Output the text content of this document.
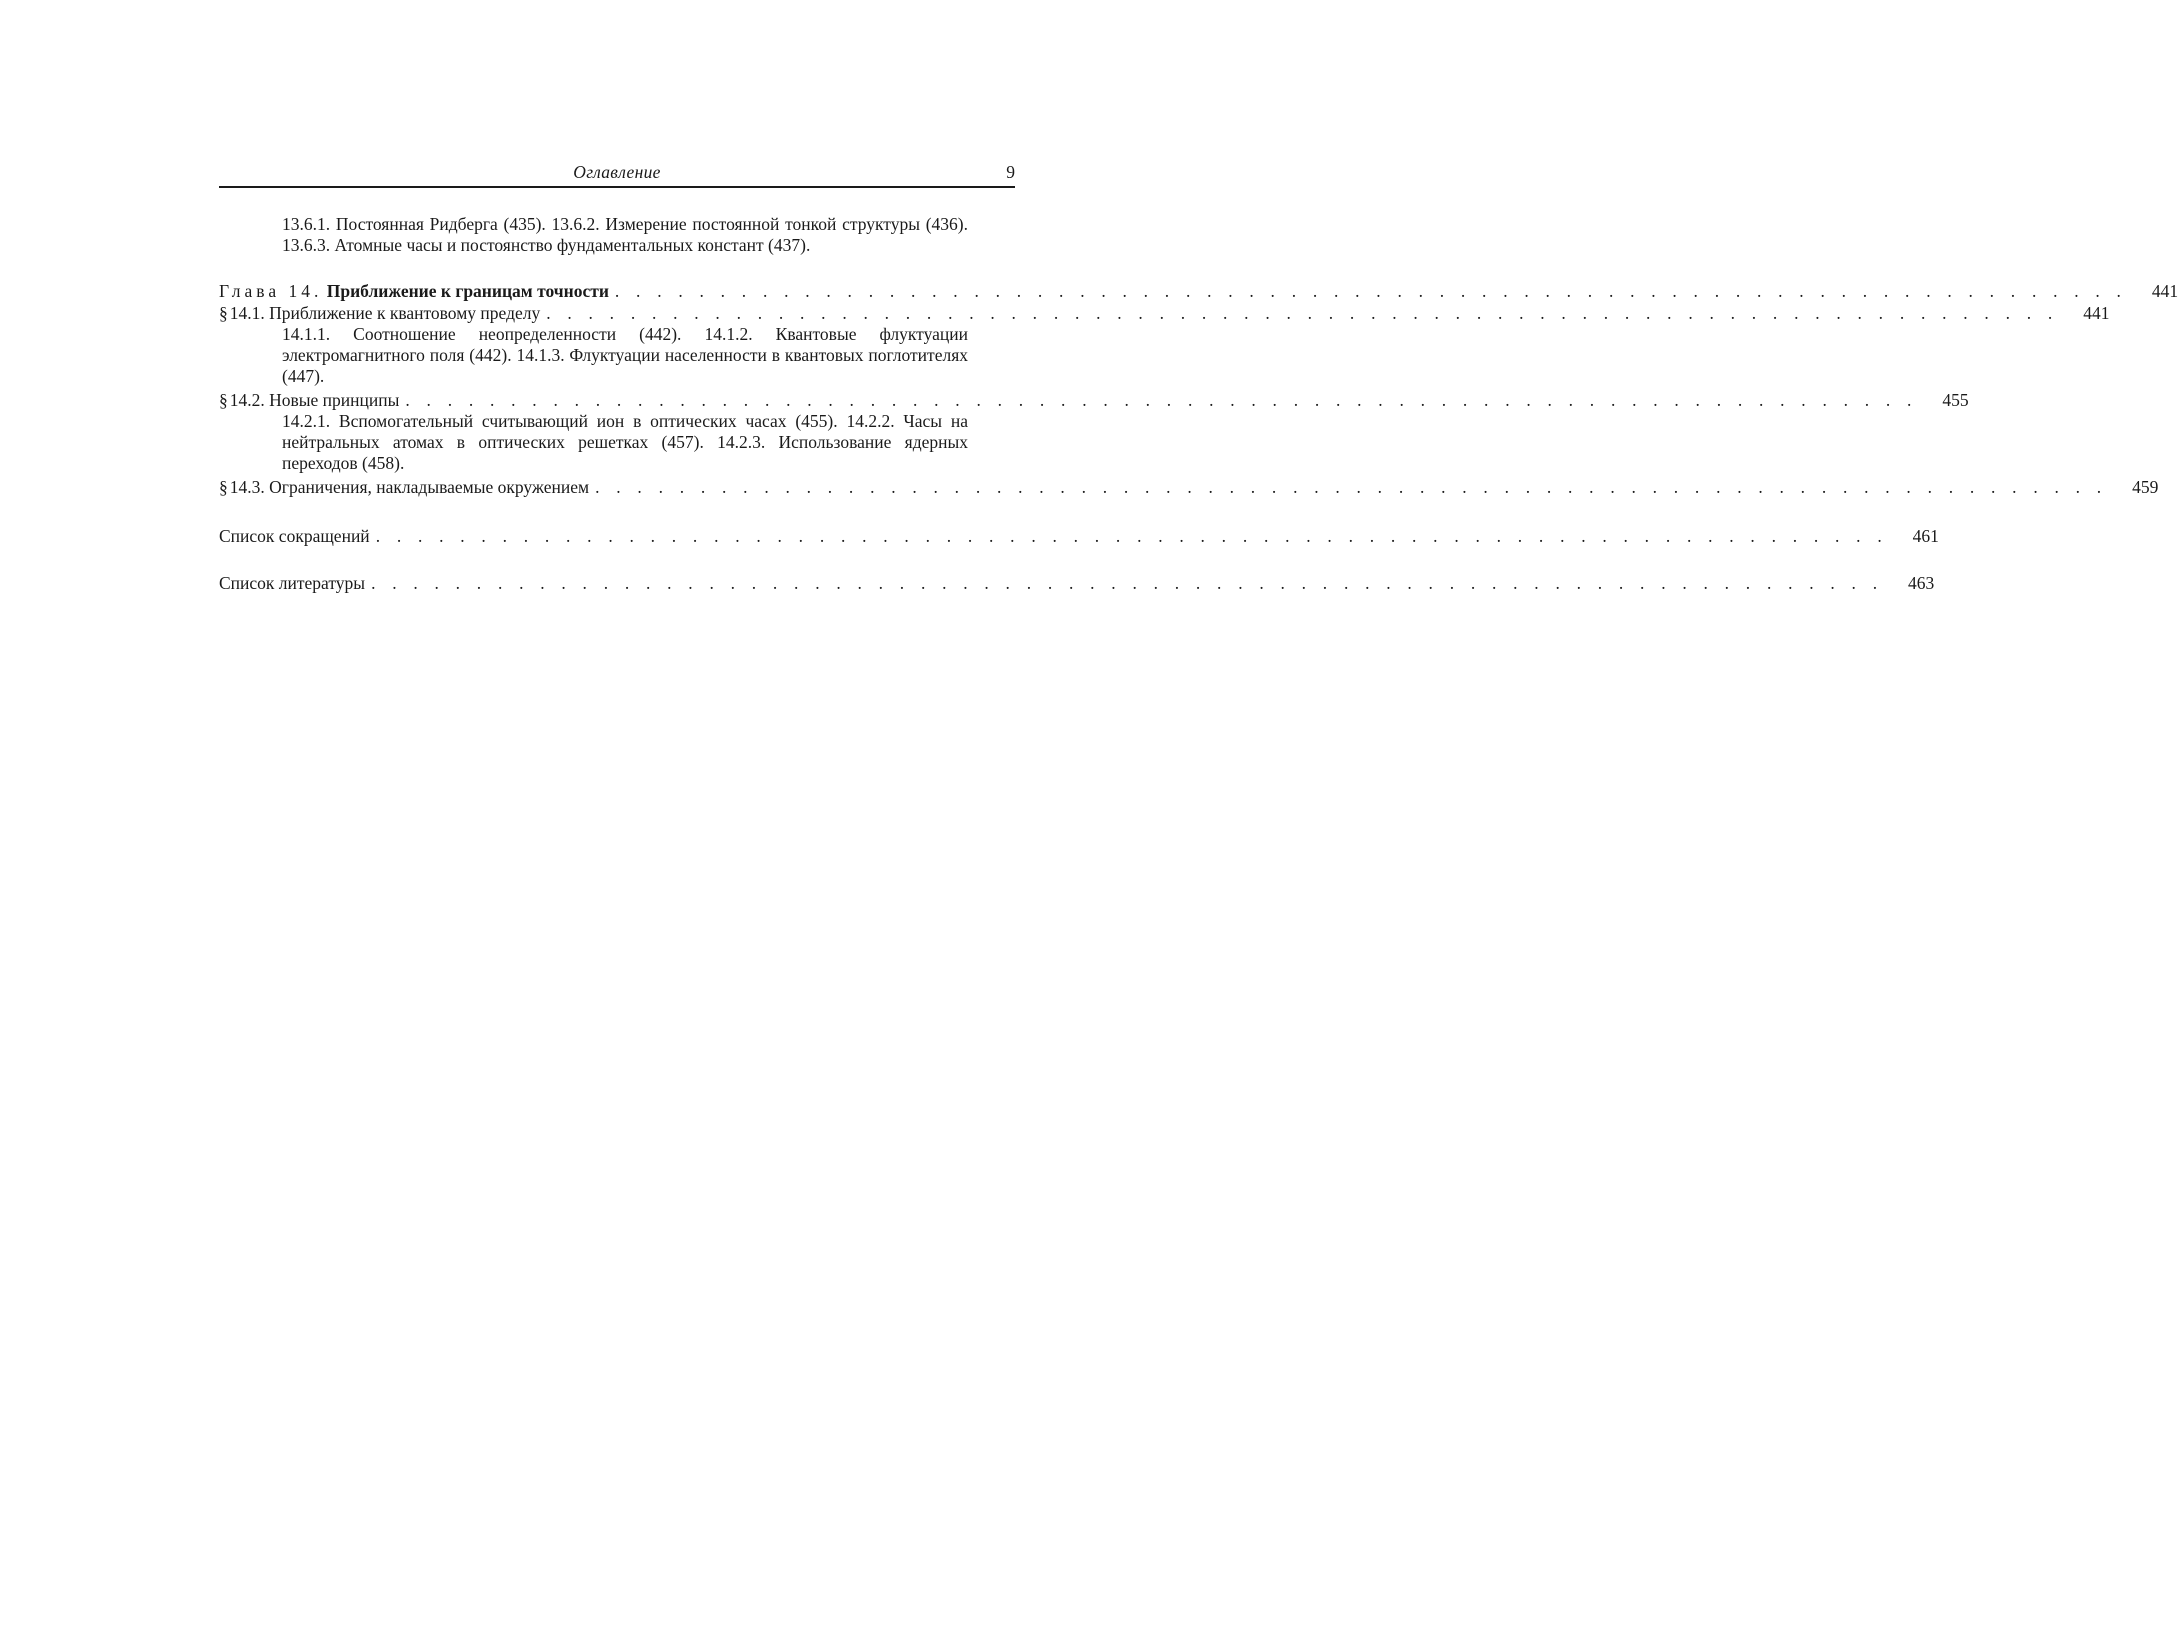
Оглавление	9
13.6.1. Постоянная Ридберга (435). 13.6.2. Измерение постоянной тонкой структуры (436). 13.6.3. Атомные часы и постоянство фундаментальных констант (437).
Глава 14. Приближение к границам точности . . . . . . . . . . . . . . . . . . . . . . . . . . . . . . . . . . . . . . . . . . . . . . . . . . . . . . . . . . . . . . . . . . . . . . . .	441
§ 14.1. Приближение к квантовому пределу . . . . . . . . . . . . . . . . . . . . . . . . . . . . . . . . . . . . . . . . . . . . . . . . . . . . . . . . . . . . . . . . . . . . . . . .	441
14.1.1. Соотношение неопределенности (442). 14.1.2. Квантовые флуктуации электромагнитного поля (442). 14.1.3. Флуктуации населенности в квантовых поглотителях (447).
§ 14.2. Новые принципы . . . . . . . . . . . . . . . . . . . . . . . . . . . . . . . . . . . . . . . . . . . . . . . . . . . . . . . . . . . . . . . . . . . . . . . .	455
14.2.1. Вспомогательный считывающий ион в оптических часах (455). 14.2.2. Часы на нейтральных атомах в оптических решетках (457). 14.2.3. Использование ядерных переходов (458).
§ 14.3. Ограничения, накладываемые окружением . . . . . . . . . . . . . . . . . . . . . . . . . . . . . . . . . . . . . . . . . . . . . . . . . . . . . . . . . . . . . . . . . . . . . . . .	459
Список сокращений . . . . . . . . . . . . . . . . . . . . . . . . . . . . . . . . . . . . . . . . . . . . . . . . . . . . . . . . . . . . . . . . . . . . . . . .	461
Список литературы . . . . . . . . . . . . . . . . . . . . . . . . . . . . . . . . . . . . . . . . . . . . . . . . . . . . . . . . . . . . . . . . . . . . . . . .	463
